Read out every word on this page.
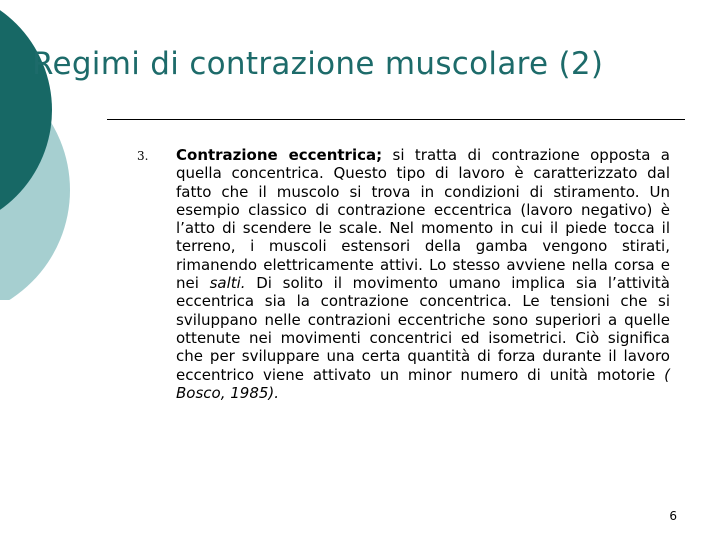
Regimi di contrazione muscolare (2)
3. Contrazione eccentrica; si tratta di contrazione opposta a quella concentrica. Questo tipo di lavoro è caratterizzato dal fatto che il muscolo si trova in condizioni di stiramento. Un esempio classico di contrazione eccentrica (lavoro negativo) è l’atto di scendere le scale. Nel momento in cui il piede tocca il terreno, i muscoli estensori della gamba vengono stirati, rimanendo elettricamente attivi. Lo stesso avviene nella corsa e nei salti. Di solito il movimento umano implica sia l’attività eccentrica sia la contrazione concentrica. Le tensioni che si sviluppano nelle contrazioni eccentriche sono superiori a quelle ottenute nei movimenti concentrici ed isometrici. Ciò significa che per sviluppare una certa quantità di forza durante il lavoro eccentrico viene attivato un minor numero di unità motorie ( Bosco, 1985).

6
